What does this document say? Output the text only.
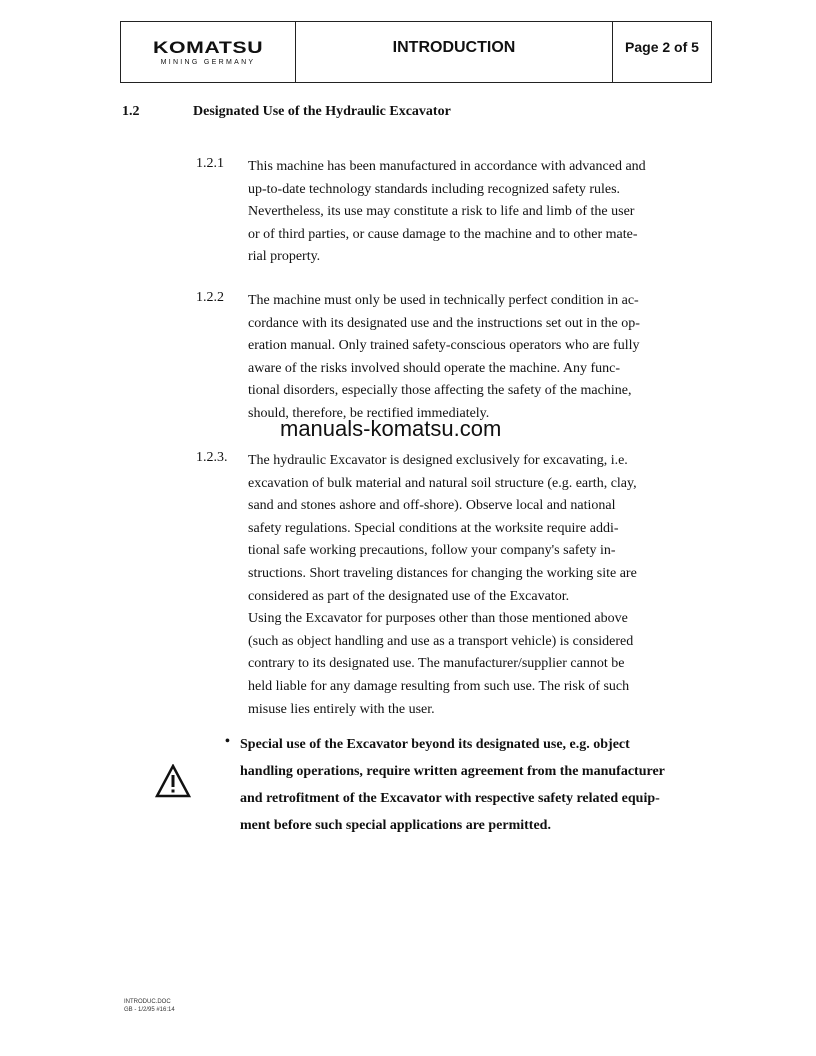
KOMATSU
MINING GERMANY
INTRODUCTION	Page 2 of 5
1.2	Designated Use of the Hydraulic Excavator
1.2.1 This machine has been manufactured in accordance with advanced and
up-to-date technology standards including recognized safety rules.
Nevertheless, its use may constitute a risk to life and limb of the user
or of third parties, or cause damage to the machine and to other mate-
rial property.
1.2.2 The machine must only be used in technically perfect condition in ac-
cordance with its designated use and the instructions set out in the op-
eration manual. Only trained safety-conscious operators who are fully
aware of the risks involved should operate the machine. Any func-
tional disorders, especially those affecting the safety of the machine,
should, therefore, be rectified immediately.
1.2.3. The hydraulic Excavator is designed exclusively for excavating, i.e.
excavation of bulk material and natural soil structure (e.g. earth, clay,
sand and stones ashore and off-shore). Observe local and national
safety regulations. Special conditions at the worksite require addi-
tional safe working precautions, follow your company's safety in-
structions. Short traveling distances for changing the working site are
considered as part of the designated use of the Excavator.
Using the Excavator for purposes other than those mentioned above
(such as object handling and use as a transport vehicle) is considered
contrary to its designated use. The manufacturer/supplier cannot be
held liable for any damage resulting from such use. The risk of such
misuse lies entirely with the user.
manuals-komatsu.com
• Special use of the Excavator beyond its designated use, e.g. object
handling operations, require written agreement from the manufacturer
and retrofitment of the Excavator with respective safety related equip-
ment before such special applications are permitted.
INTRODUC.DOC
GB - 1/2/95 #16:14
